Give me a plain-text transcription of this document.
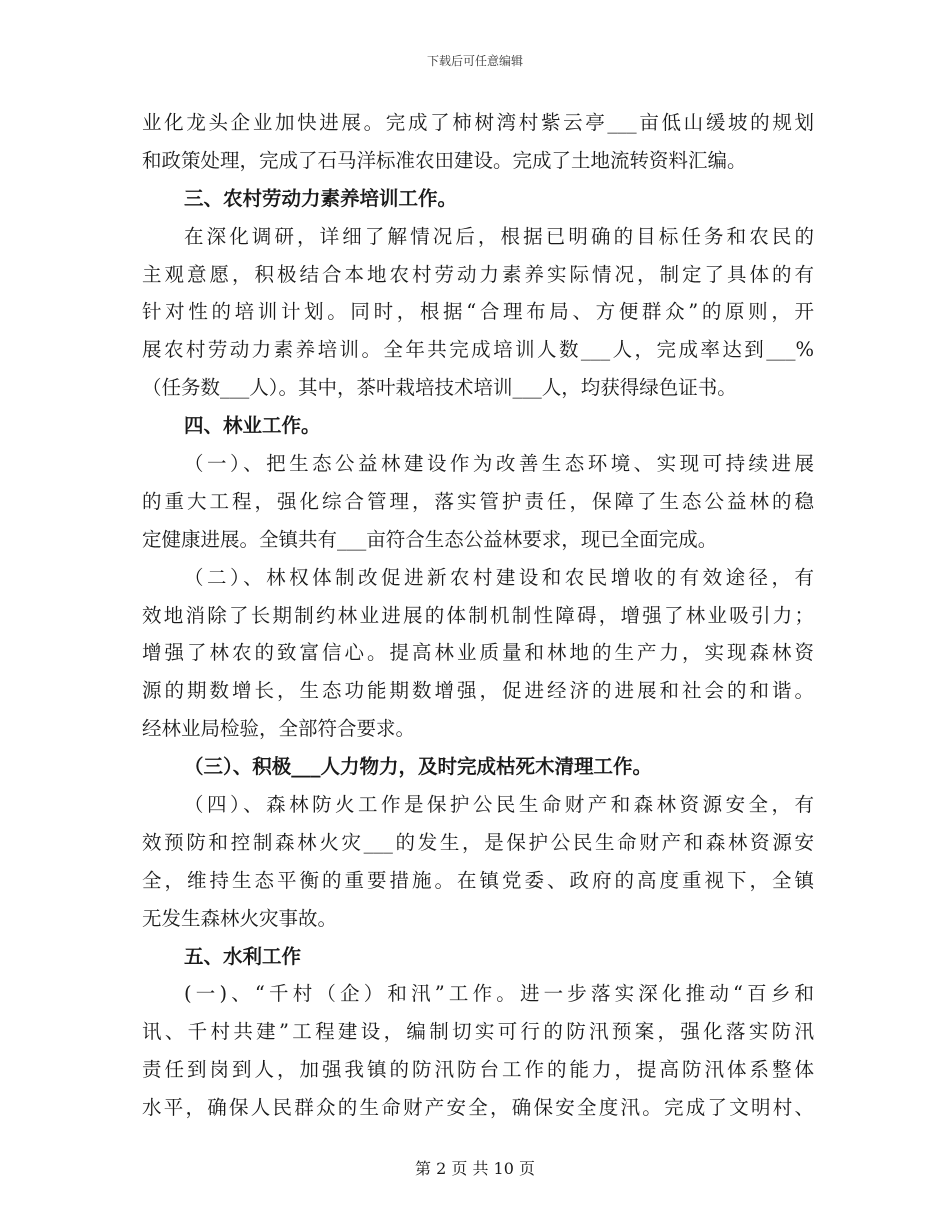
下载后可任意编辑
业化龙头企业加快进展。完成了柿树湾村紫云亭___亩低山缓坡的规划
和政策处理，完成了石马洋标准农田建设。完成了土地流转资料汇编。
三、农村劳动力素养培训工作。
在深化调研，详细了解情况后，根据已明确的目标任务和农民的
主观意愿，积极结合本地农村劳动力素养实际情况，制定了具体的有
针对性的培训计划。同时，根据“合理布局、方便群众”的原则，开
展农村劳动力素养培训。全年共完成培训人数___人，完成率达到___%
（任务数___人）。其中，茶叶栽培技术培训___人，均获得绿色证书。
四、林业工作。
（一）、把生态公益林建设作为改善生态环境、实现可持续进展
的重大工程，强化综合管理，落实管护责任，保障了生态公益林的稳
定健康进展。全镇共有___亩符合生态公益林要求，现已全面完成。
（二）、林权体制改促进新农村建设和农民增收的有效途径，有
效地消除了长期制约林业进展的体制机制性障碍，增强了林业吸引力；
增强了林农的致富信心。提高林业质量和林地的生产力，实现森林资
源的期数增长，生态功能期数增强，促进经济的进展和社会的和谐。
经林业局检验，全部符合要求。
（三）、积极___人力物力，及时完成枯死木清理工作。
（四）、森林防火工作是保护公民生命财产和森林资源安全，有
效预防和控制森林火灾___的发生，是保护公民生命财产和森林资源安
全，维持生态平衡的重要措施。在镇党委、政府的高度重视下，全镇
无发生森林火灾事故。
五、水利工作
(一)、“千村（企）和汛”工作。进一步落实深化推动“百乡和
讯、千村共建”工程建设，编制切实可行的防汛预案，强化落实防汛
责任到岗到人，加强我镇的防汛防台工作的能力，提高防汛体系整体
水平，确保人民群众的生命财产安全，确保安全度汛。完成了文明村、
第 2 页 共 10 页
